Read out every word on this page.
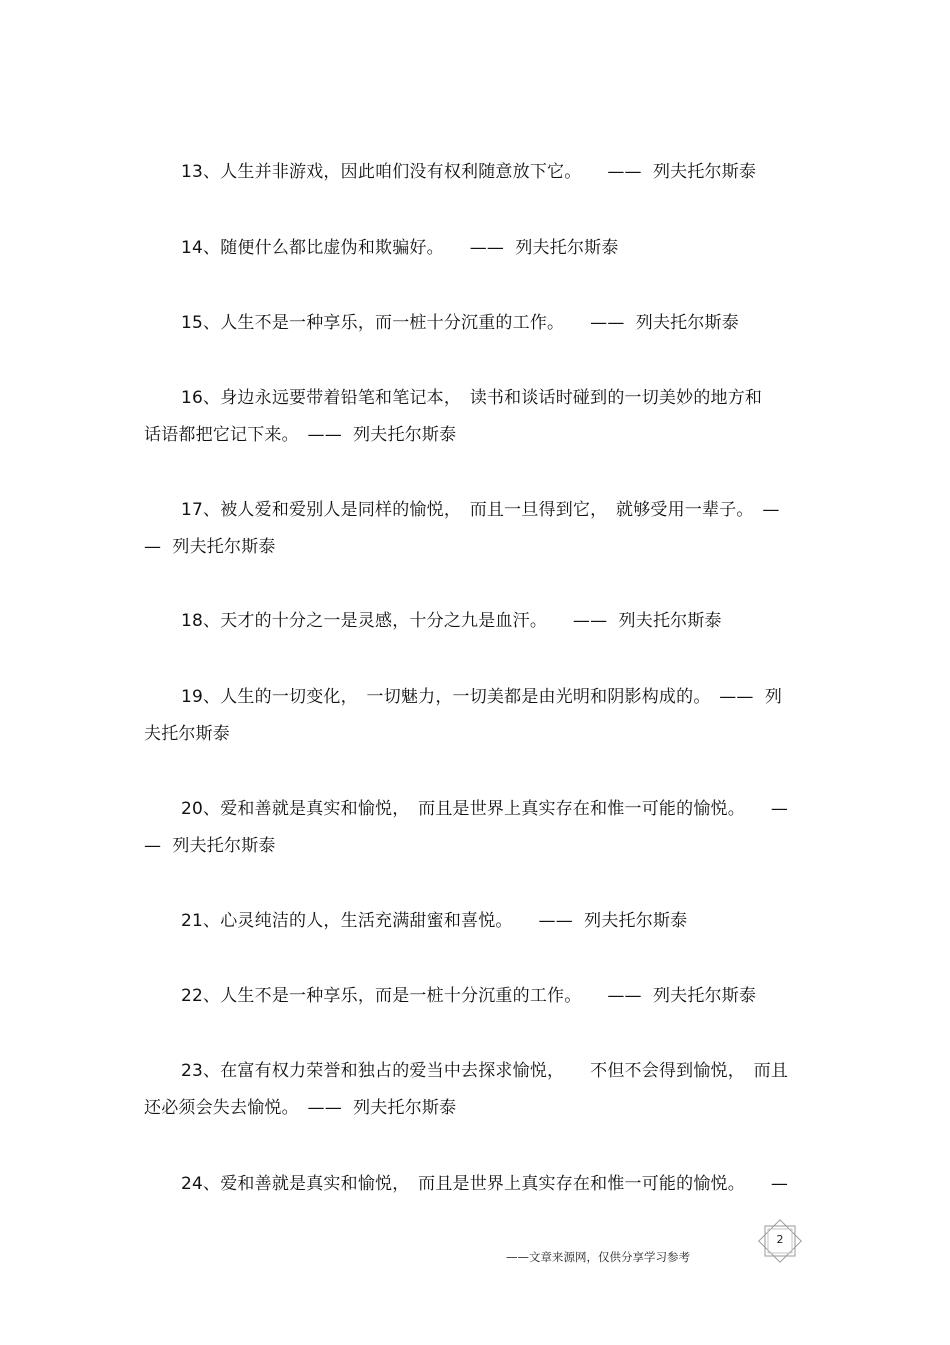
13、人生并非游戏，因此咱们没有权利随意放下它。　　——  列夫托尔斯泰
14、随便什么都比虚伪和欺骗好。　　——  列夫托尔斯泰
15、人生不是一种享乐，而一桩十分沉重的工作。　　——  列夫托尔斯泰
16、身边永远要带着铅笔和笔记本，　读书和谈话时碰到的一切美妙的地方和
话语都把它记下来。　——  列夫托尔斯泰
17、被人爱和爱别人是同样的愉悦，　而且一旦得到它，　就够受用一辈子。　—
—  列夫托尔斯泰
18、天才的十分之一是灵感，十分之九是血汗。　　——  列夫托尔斯泰
19、人生的一切变化，　一切魅力，一切美都是由光明和阴影构成的。　——  列
夫托尔斯泰
20、爱和善就是真实和愉悦，　而且是世界上真实存在和惟一可能的愉悦。　　—
—  列夫托尔斯泰
21、心灵纯洁的人，生活充满甜蜜和喜悦。　　——  列夫托尔斯泰
22、人生不是一种享乐，而是一桩十分沉重的工作。　　——  列夫托尔斯泰
23、在富有权力荣誉和独占的爱当中去探求愉悦，　　不但不会得到愉悦，　而且
还必须会失去愉悦。　——  列夫托尔斯泰
24、爱和善就是真实和愉悦，　而且是世界上真实存在和惟一可能的愉悦。　　—
2
——文章来源网，仅供分享学习参考
